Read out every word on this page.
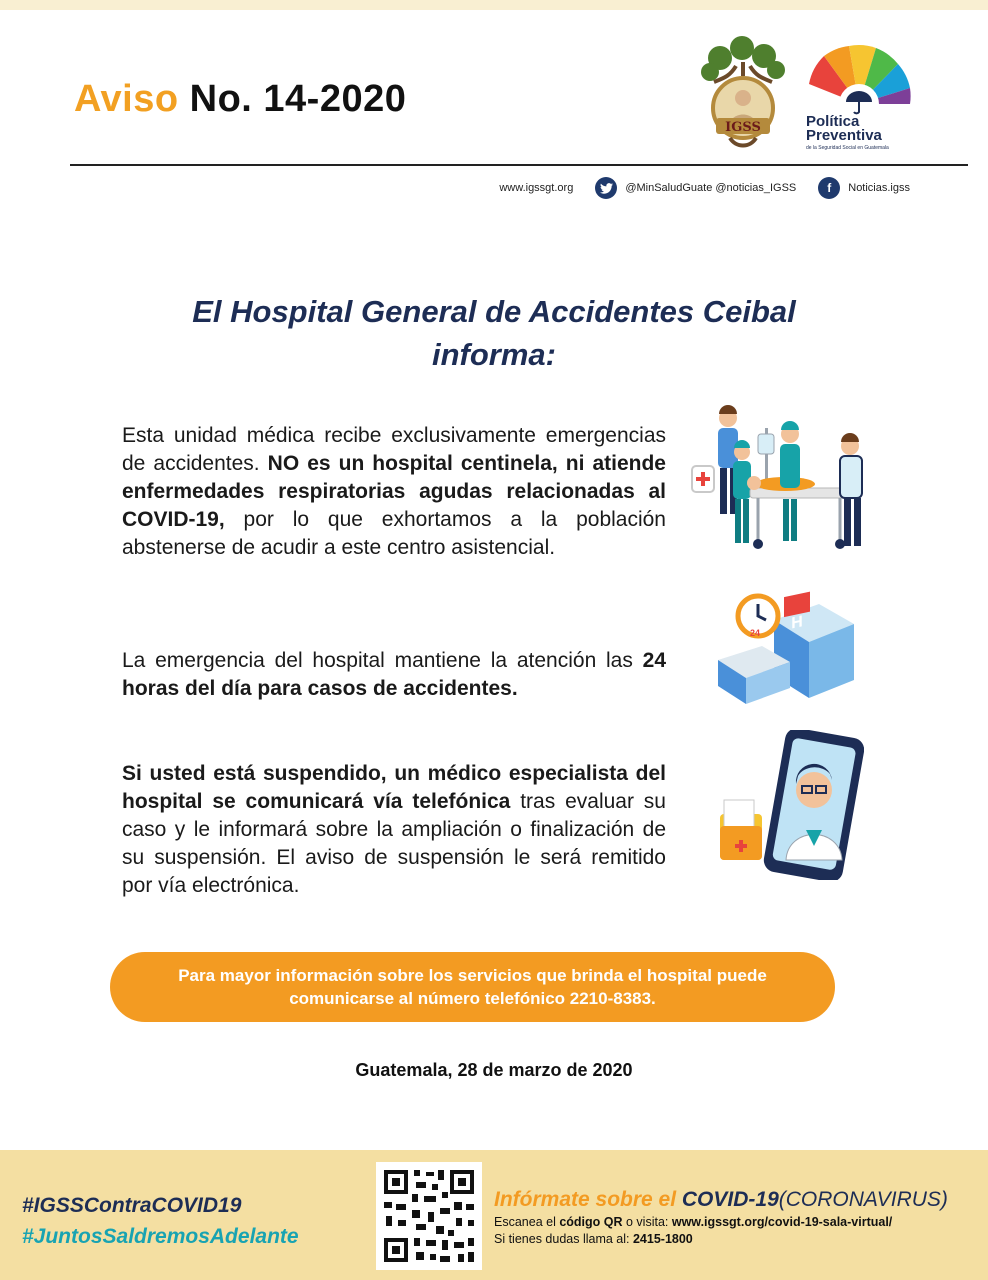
Aviso No. 14-2020
IGSS	Política
Preventiva
de la Seguridad Social en Guatemala
www.igssgt.org	@MinSaludGuate @noticias_IGSS	f	Noticias.igss
El Hospital General de Accidentes Ceibal
informa:
Esta unidad médica recibe exclusivamente emergencias de accidentes. NO es un hospital centinela, ni atiende enfermedades respiratorias agudas relacionadas al COVID-19, por lo que exhortamos a la población abstenerse de acudir a este centro asistencial.
La emergencia del hospital mantiene la atención las 24 horas del día para casos de accidentes.
Si usted está suspendido, un médico especialista del hospital se comunicará vía telefónica tras evaluar su caso y le informará sobre la ampliación o finalización de su suspensión. El aviso de suspensión le será remitido por vía electrónica.
H
24
Para mayor información sobre los servicios que brinda el hospital puede
comunicarse al número telefónico 2210-8383.
Guatemala, 28 de marzo de 2020
#IGSSContraCOVID19
#JuntosSaldremosAdelante
Infórmate sobre el COVID-19(CORONAVIRUS)
Escanea el código QR o visita: www.igssgt.org/covid-19-sala-virtual/
Si tienes dudas llama al: 2415-1800
